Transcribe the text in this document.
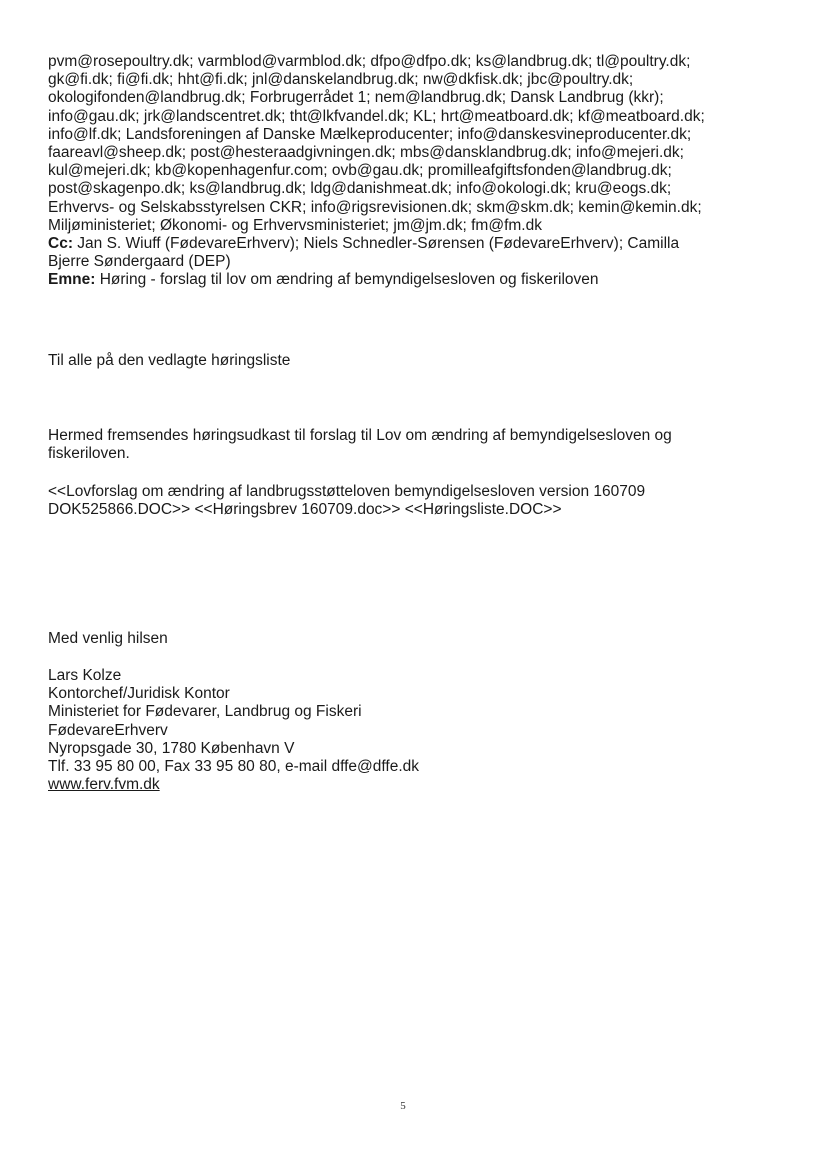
pvm@rosepoultry.dk; varmblod@varmblod.dk; dfpo@dfpo.dk; ks@landbrug.dk; tl@poultry.dk;
gk@fi.dk; fi@fi.dk; hht@fi.dk; jnl@danskelandbrug.dk; nw@dkfisk.dk; jbc@poultry.dk;
okologifonden@landbrug.dk; Forbrugerrådet 1; nem@landbrug.dk; Dansk Landbrug (kkr);
info@gau.dk; jrk@landscentret.dk; tht@lkfvandel.dk; KL; hrt@meatboard.dk; kf@meatboard.dk;
info@lf.dk; Landsforeningen af Danske Mælkeproducenter; info@danskesvineproducenter.dk;
faareavl@sheep.dk; post@hesteraadgivningen.dk; mbs@dansklandbrug.dk; info@mejeri.dk;
kul@mejeri.dk; kb@kopenhagenfur.com; ovb@gau.dk; promilleafgiftsfonden@landbrug.dk;
post@skagenpo.dk; ks@landbrug.dk; ldg@danishmeat.dk; info@okologi.dk; kru@eogs.dk;
Erhvervs- og Selskabsstyrelsen CKR; info@rigsrevisionen.dk; skm@skm.dk; kemin@kemin.dk;
Miljøministeriet; Økonomi- og Erhvervsministeriet; jm@jm.dk; fm@fm.dk
Cc: Jan S. Wiuff (FødevareErhverv); Niels Schnedler-Sørensen (FødevareErhverv); Camilla
Bjerre Søndergaard (DEP)
Emne: Høring - forslag til lov om ændring af bemyndigelsesloven og fiskeriloven
Til alle på den vedlagte høringsliste
Hermed fremsendes høringsudkast til forslag til Lov om ændring af bemyndigelsesloven og
fiskeriloven.
<<Lovforslag om ændring af landbrugsstøtteloven bemyndigelsesloven version 160709
DOK525866.DOC>> <<Høringsbrev 160709.doc>> <<Høringsliste.DOC>>
Med venlig hilsen
Lars Kolze
Kontorchef/Juridisk Kontor
Ministeriet for Fødevarer, Landbrug og Fiskeri
FødevareErhverv
Nyropsgade 30, 1780 København V
Tlf. 33 95 80 00, Fax 33 95 80 80, e-mail dffe@dffe.dk
www.ferv.fvm.dk
5
